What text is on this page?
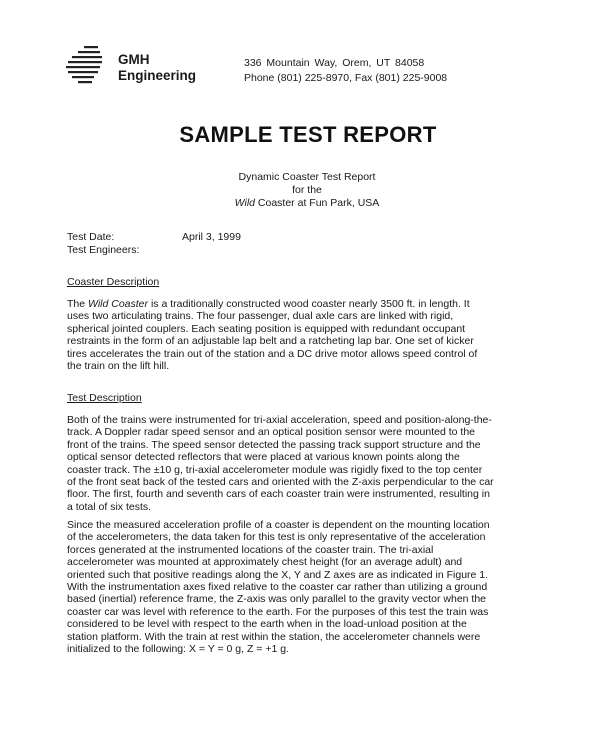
GMH
Engineering
336 Mountain Way, Orem, UT 84058
Phone (801) 225-8970, Fax (801) 225-9008
SAMPLE TEST REPORT
Dynamic Coaster Test Report
for the
Wild Coaster at Fun Park, USA
Test Date:	April 3, 1999
Test Engineers:
Coaster Description
The Wild Coaster is a traditionally constructed wood coaster nearly 3500 ft. in length. It
uses two articulating trains. The four passenger, dual axle cars are linked with rigid,
spherical jointed couplers. Each seating position is equipped with redundant occupant
restraints in the form of an adjustable lap belt and a ratcheting lap bar. One set of kicker
tires accelerates the train out of the station and a DC drive motor allows speed control of
the train on the lift hill.
Test Description
Both of the trains were instrumented for tri-axial acceleration, speed and position-along-the-
track. A Doppler radar speed sensor and an optical position sensor were mounted to the
front of the trains. The speed sensor detected the passing track support structure and the
optical sensor detected reflectors that were placed at various known points along the
coaster track. The ±10 g, tri-axial accelerometer module was rigidly fixed to the top center
of the front seat back of the tested cars and oriented with the Z-axis perpendicular to the car
floor. The first, fourth and seventh cars of each coaster train were instrumented, resulting in
a total of six tests.
Since the measured acceleration profile of a coaster is dependent on the mounting location
of the accelerometers, the data taken for this test is only representative of the acceleration
forces generated at the instrumented locations of the coaster train. The tri-axial
accelerometer was mounted at approximately chest height (for an average adult) and
oriented such that positive readings along the X, Y and Z axes are as indicated in Figure 1.
With the instrumentation axes fixed relative to the coaster car rather than utilizing a ground
based (inertial) reference frame, the Z-axis was only parallel to the gravity vector when the
coaster car was level with reference to the earth. For the purposes of this test the train was
considered to be level with respect to the earth when in the load-unload position at the
station platform. With the train at rest within the station, the accelerometer channels were
initialized to the following: X = Y = 0 g, Z = +1 g.
